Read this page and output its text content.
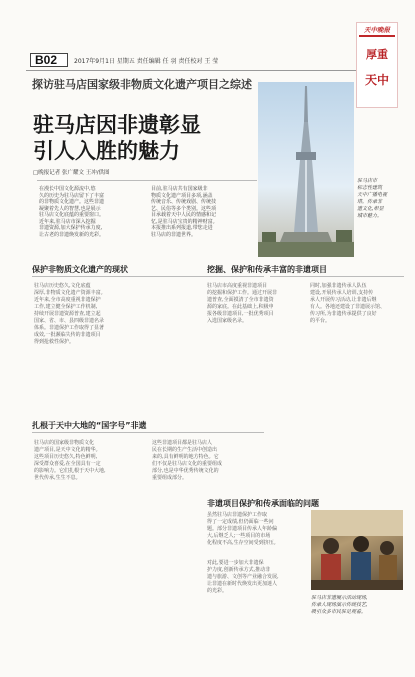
B02	2017年9月1日 星期五 责任编辑 任 羽 责任校对 王 莹
天中晚报
厚重
天中
探访驻马店国家级非物质文化遗产项目之综述
驻马店因非遗彰显
引人入胜的魅力
□晚报记者 张广耀文 王冲/供图
在漫长中国文化源流中,悠
久的历史为驻马店留下了丰富
的非物质文化遗产。这些非遗
凝聚着先人的智慧,也是展示
驻马店文化底蕴的重要窗口。
近年来,驻马店市深入挖掘
非遗资源,加大保护传承力度,
让古老的非遗焕发新的光彩。
目前,驻马店共有国家级非
物质文化遗产项目多项,涵盖
传统音乐、传统戏剧、传统技
艺、民俗等多个类别。这些项
目承载着天中人民的情感和记
忆,是驻马店宝贵的精神财富。
本报推出系列报道,带您走进
驻马店的非遗世界。
驻马店市
标志性建筑
天中广播电视
塔。传承非
遗文化,彰显
城市魅力。
保护非物质文化遗产的现状
驻马店历史悠久,文化底蕴
深厚,非物质文化遗产资源丰富。
近年来,全市高度重视非遗保护
工作,建立健全保护工作机制,
持续开展非遗资源普查,建立起
国家、省、市、县四级非遗名录
体系。非遗保护工作取得了显著
成效,一批濒临失传的非遗项目
得到抢救性保护。
扎根于天中大地的“国字号”非遗
驻马店的国家级非物质文化
遗产项目,是天中文化的精华。
这些项目历史悠久,特色鲜明,
深受群众喜爱,在全国具有一定
的影响力。它们扎根于天中大地,
世代传承,生生不息。
这些非遗项目都是驻马店人
民在长期的生产生活中创造出
来的,具有鲜明的地方特色。它
们不仅是驻马店文化的重要组成
部分,也是中华优秀传统文化的
重要组成部分。
挖掘、保护和传承丰富的非遗项目
驻马店市高度重视非遗项目
的挖掘和保护工作。通过开展非
遗普查,全面摸清了全市非遗资
源的家底。在此基础上,积极申
报各级非遗项目,一批优秀项目
入选国家级名录。
同时,加强非遗传承人队伍
建设,开展传承人培训,支持传
承人开展传习活动,让非遗后继
有人。各地还建设了非遗展示馆、
传习所,为非遗传承提供了良好
的平台。
非遗项目保护和传承面临的问题
虽然驻马店非遗保护工作取
得了一定成绩,但仍面临一些问
题。部分非遗项目传承人年龄偏
大,后继乏人;一些项目的市场
化程度不高,生存空间受到挤压。
对此,要进一步加大非遗保
护力度,创新传承方式,推动非
遗与旅游、文创等产业融合发展,
让非遗在新时代焕发出更加迷人
的光彩。
驻马店非遗展示活动现场,
传承人现场演示传统技艺,
吸引众多市民驻足观看。
